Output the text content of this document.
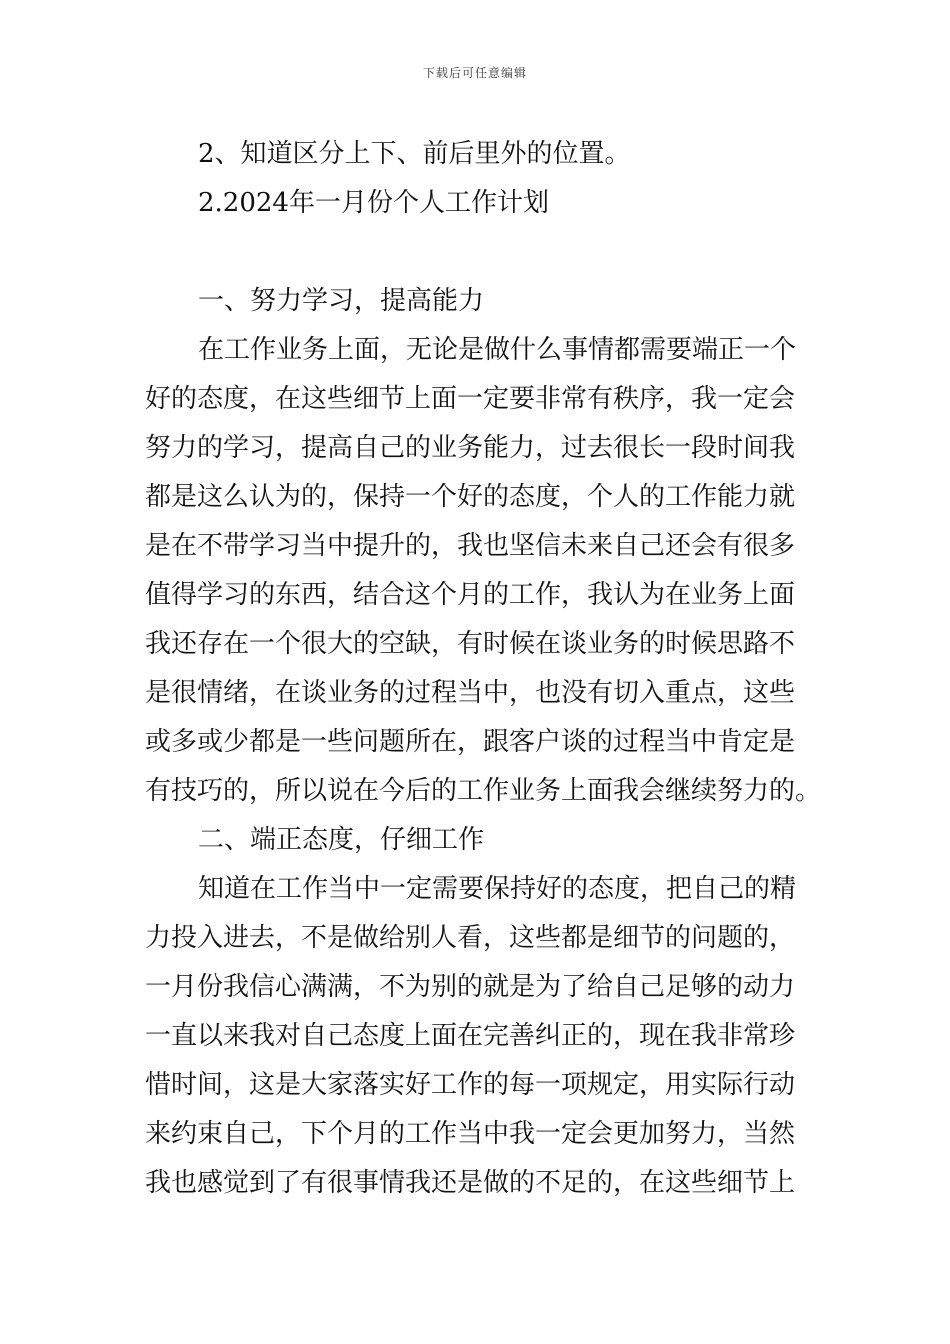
下载后可任意编辑
2、知道区分上下、前后里外的位置。
2.2024年一月份个人工作计划
一、努力学习，提高能力
在工作业务上面，无论是做什么事情都需要端正一个
好的态度，在这些细节上面一定要非常有秩序，我一定会
努力的学习，提高自己的业务能力，过去很长一段时间我
都是这么认为的，保持一个好的态度，个人的工作能力就
是在不带学习当中提升的，我也坚信未来自己还会有很多
值得学习的东西，结合这个月的工作，我认为在业务上面
我还存在一个很大的空缺，有时候在谈业务的时候思路不
是很情绪，在谈业务的过程当中，也没有切入重点，这些
或多或少都是一些问题所在，跟客户谈的过程当中肯定是
有技巧的，所以说在今后的工作业务上面我会继续努力的。
二、端正态度，仔细工作
知道在工作当中一定需要保持好的态度，把自己的精
力投入进去，不是做给别人看，这些都是细节的问题的，
一月份我信心满满，不为别的就是为了给自己足够的动力
一直以来我对自己态度上面在完善纠正的，现在我非常珍
惜时间，这是大家落实好工作的每一项规定，用实际行动
来约束自己，下个月的工作当中我一定会更加努力，当然
我也感觉到了有很事情我还是做的不足的，在这些细节上
